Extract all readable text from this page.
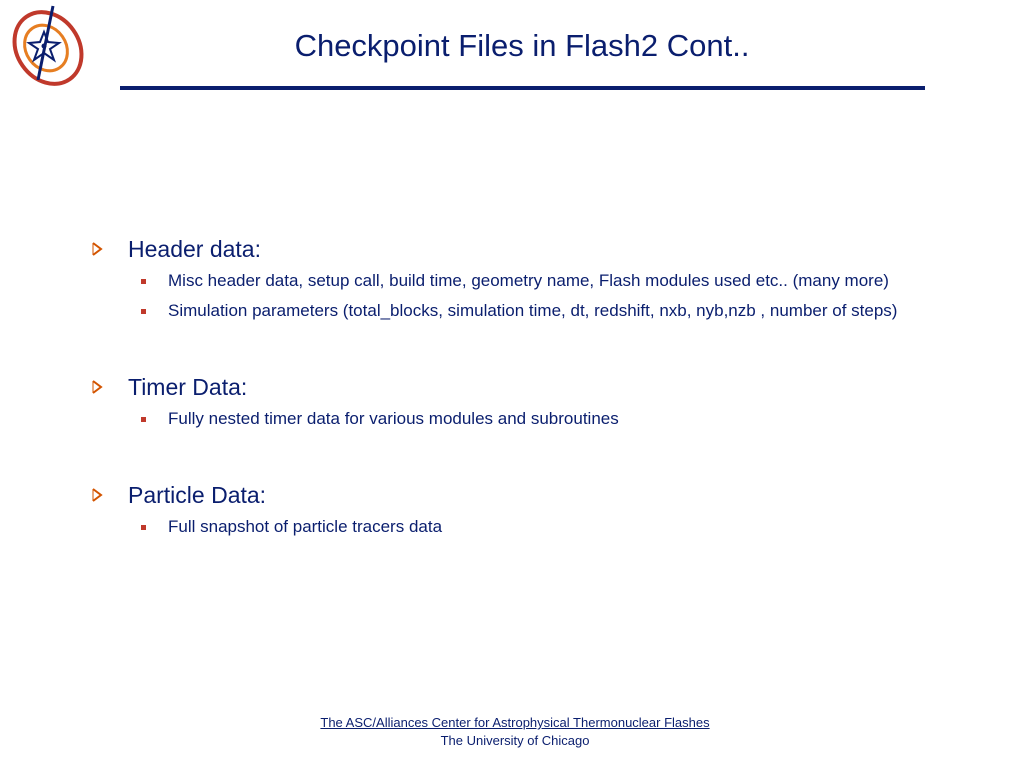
Checkpoint Files in Flash2 Cont..
Header data:
Misc header data, setup call, build time, geometry name, Flash modules used etc.. (many more)
Simulation parameters (total_blocks, simulation time, dt, redshift, nxb, nyb,nzb , number of steps)
Timer Data:
Fully nested timer data for various modules and subroutines
Particle Data:
Full snapshot of particle tracers data
The ASC/Alliances Center for Astrophysical Thermonuclear Flashes
The University of Chicago
